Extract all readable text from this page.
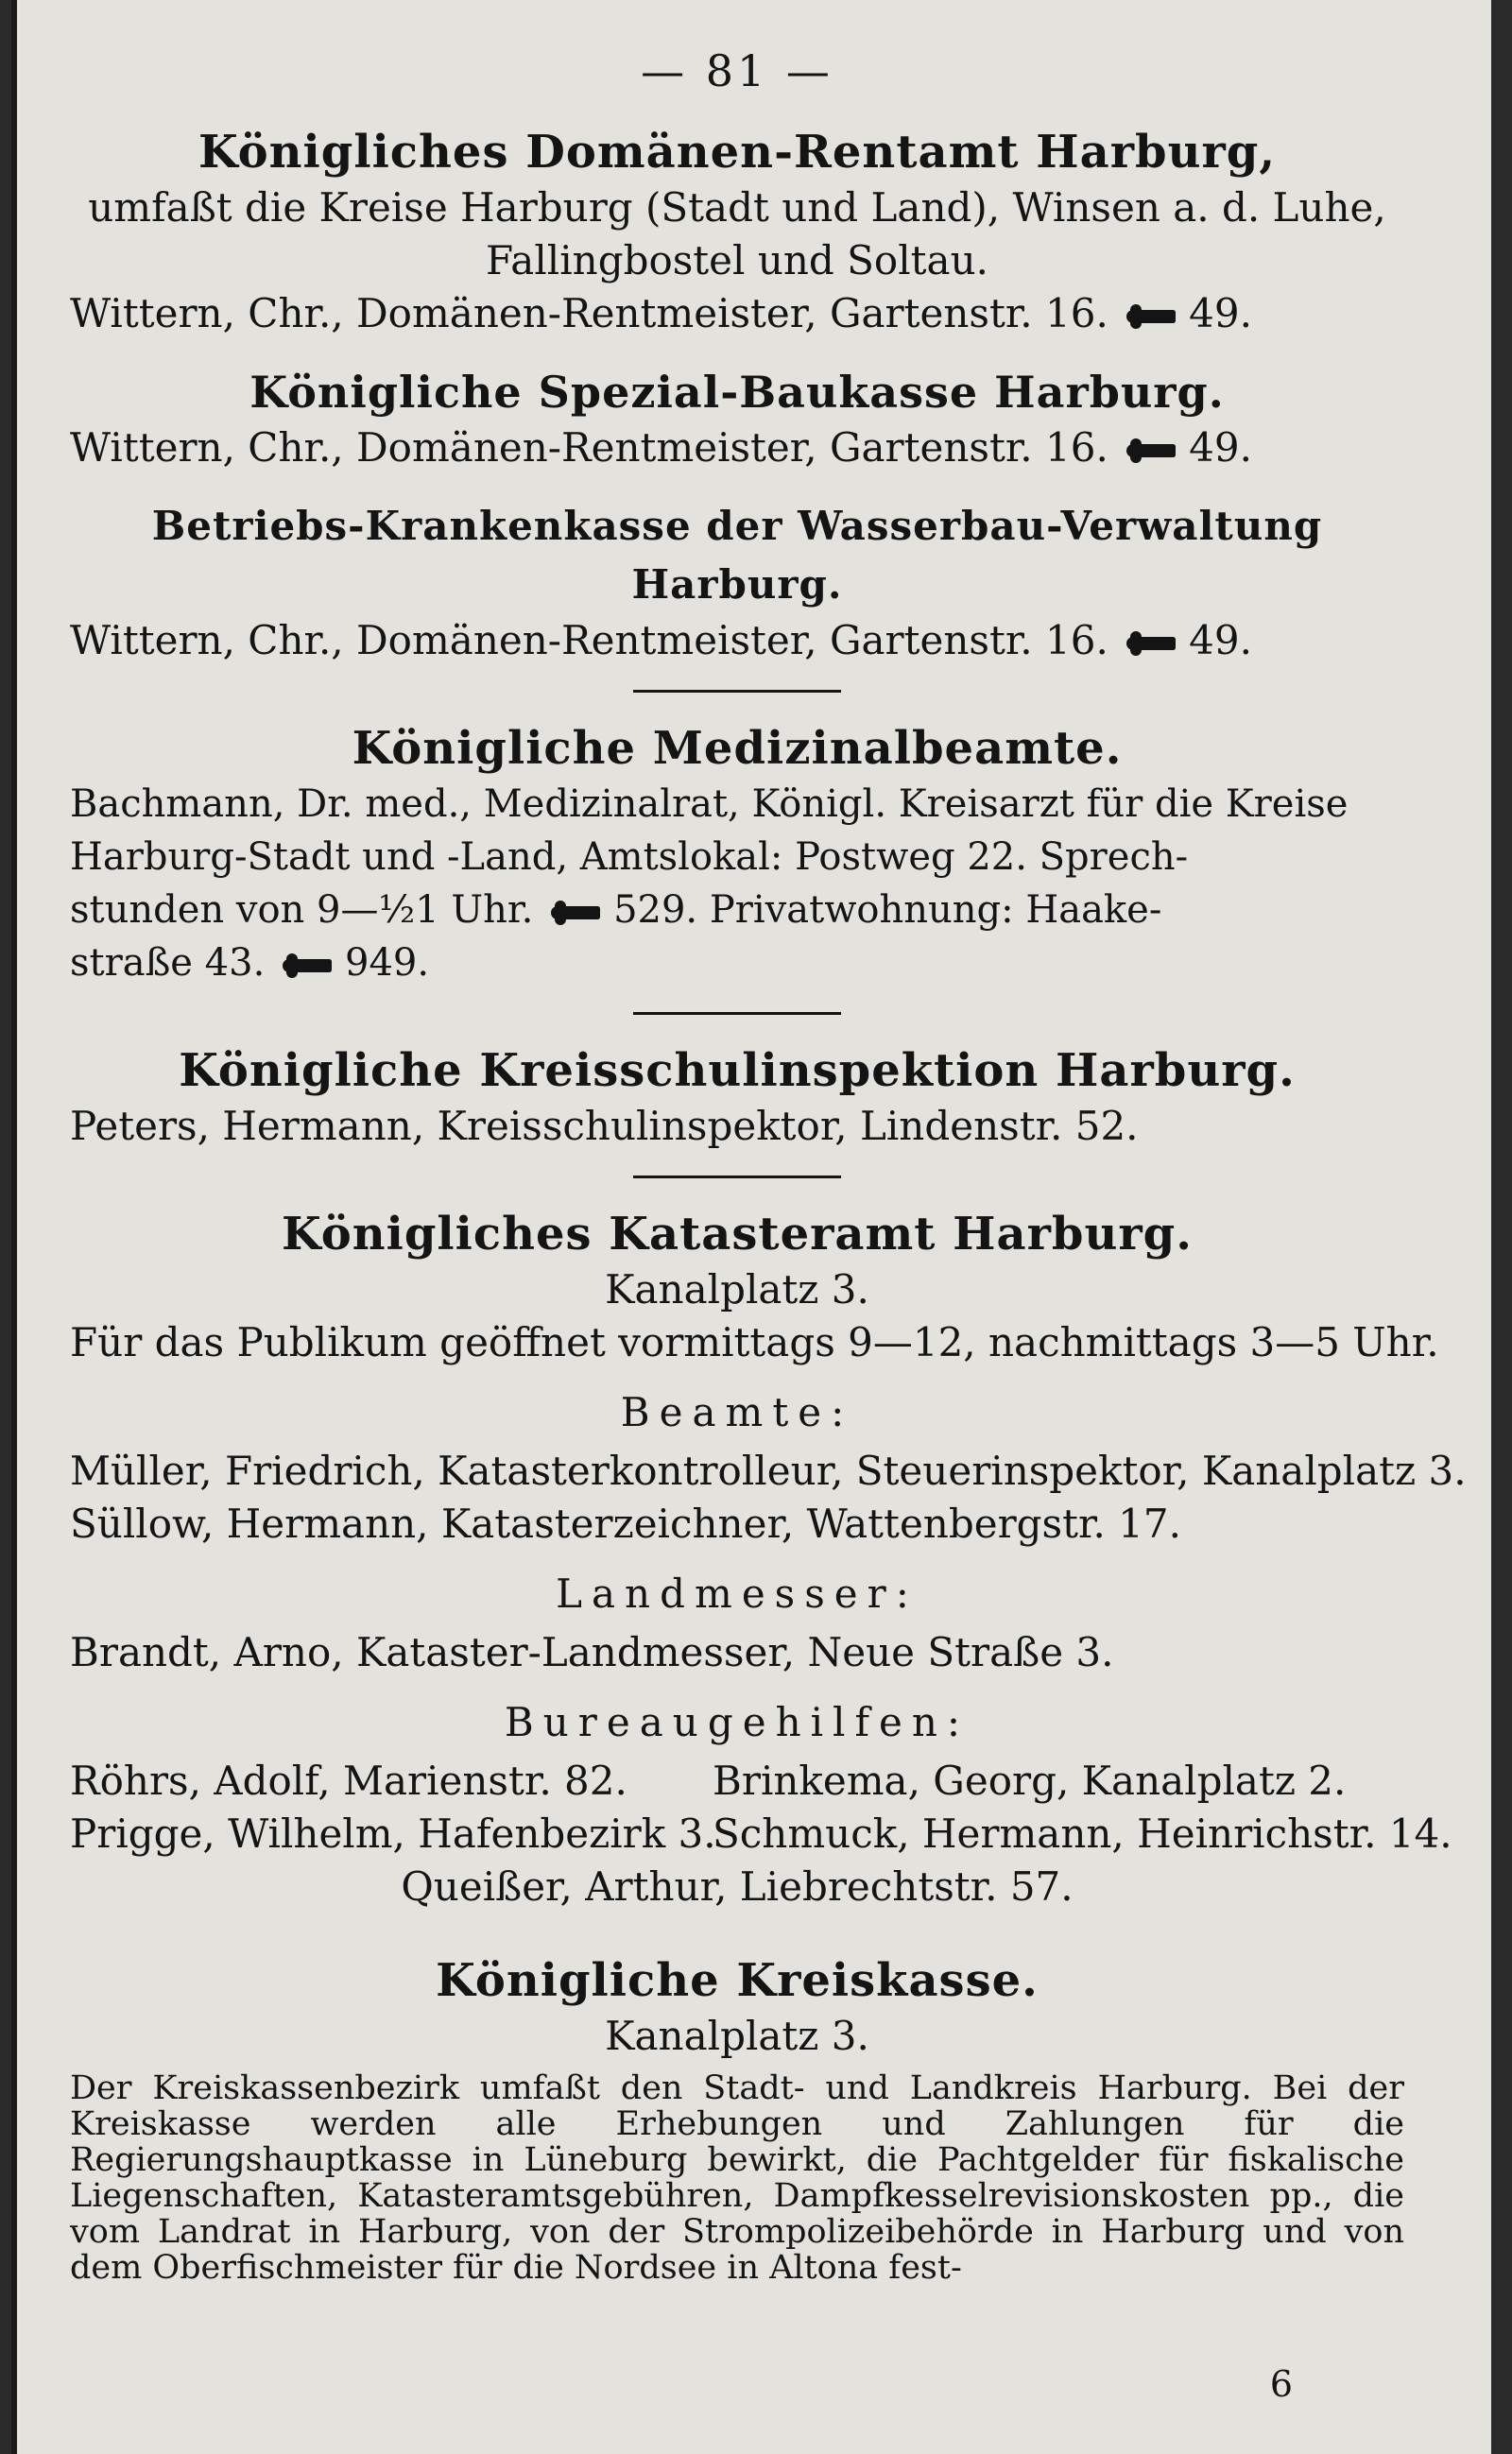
— 81 —
Königliches Domänen-Rentamt Harburg,
umfaßt die Kreise Harburg (Stadt und Land), Winsen a. d. Luhe,
Fallingbostel und Soltau.
Wittern, Chr., Domänen-Rentmeister, Gartenstr. 16. 49.
Königliche Spezial-Baukasse Harburg.
Wittern, Chr., Domänen-Rentmeister, Gartenstr. 16. 49.
Betriebs-Krankenkasse der Wasserbau-Verwaltung Harburg.
Wittern, Chr., Domänen-Rentmeister, Gartenstr. 16. 49.
Königliche Medizinalbeamte.
Bachmann, Dr. med., Medizinalrat, Königl. Kreisarzt für die Kreise
Harburg-Stadt und -Land, Amtslokal: Postweg 22. Sprech-
stunden von 9—½1 Uhr. 529. Privatwohnung: Haake-
straße 43. 949.
Königliche Kreisschulinspektion Harburg.
Peters, Hermann, Kreisschulinspektor, Lindenstr. 52.
Königliches Katasteramt Harburg.
Kanalplatz 3.
Für das Publikum geöffnet vormittags 9—12, nachmittags 3—5 Uhr.
Beamte:
Müller, Friedrich, Katasterkontrolleur, Steuerinspektor, Kanalplatz 3.
Süllow, Hermann, Katasterzeichner, Wattenbergstr. 17.
Landmesser:
Brandt, Arno, Kataster-Landmesser, Neue Straße 3.
Bureaugehilfen:
Röhrs, Adolf, Marienstr. 82.	Brinkema, Georg, Kanalplatz 2.
Prigge, Wilhelm, Hafenbezirk 3.
Schmuck, Hermann, Heinrichstr. 14.
Queißer, Arthur, Liebrechtstr. 57.
Königliche Kreiskasse.
Kanalplatz 3.
Der Kreiskassenbezirk umfaßt den Stadt- und Landkreis Harburg. Bei der Kreiskasse werden alle Erhebungen und Zahlungen für die Regierungshauptkasse in Lüneburg bewirkt, die Pachtgelder für fiskalische Liegenschaften, Katasteramtsgebühren, Dampfkesselrevisionskosten pp., die vom Landrat in Harburg, von der Strompolizeibehörde in Harburg und von dem Oberfischmeister für die Nordsee in Altona fest-
6
